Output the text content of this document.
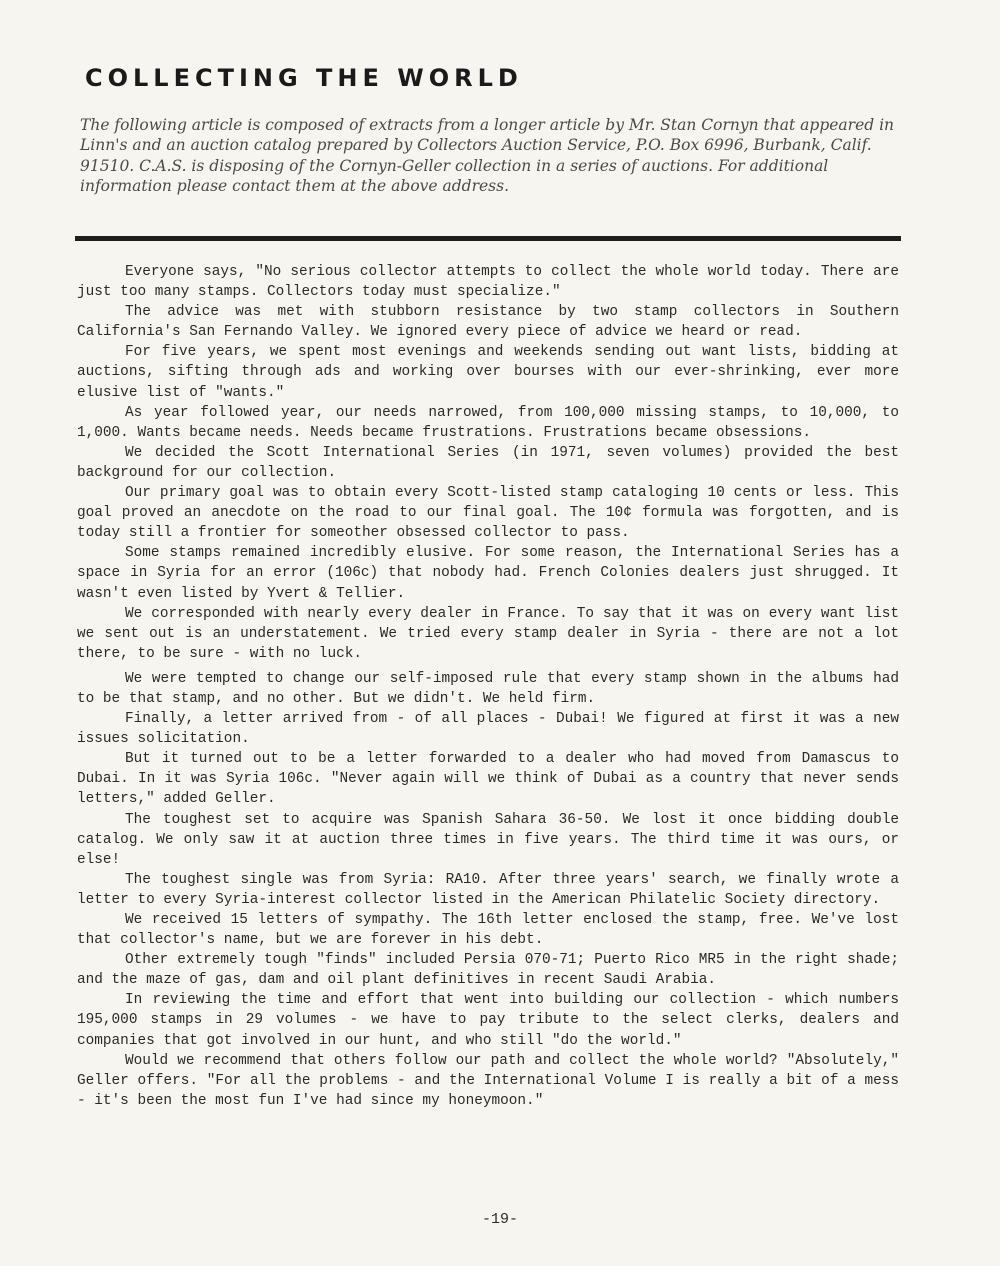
COLLECTING THE WORLD

The following article is composed of extracts from a longer article by Mr. Stan Cornyn that appeared in Linn's and an auction catalog prepared by Collectors Auction Service, P.O. Box 6996, Burbank, Calif. 91510. C.A.S. is disposing of the Cornyn-Geller collection in a series of auctions. For additional information please contact them at the above address.

Everyone says, "No serious collector attempts to collect the whole world today. There are just too many stamps. Collectors today must specialize."

The advice was met with stubborn resistance by two stamp collectors in Southern California's San Fernando Valley. We ignored every piece of advice we heard or read.

For five years, we spent most evenings and weekends sending out want lists, bidding at auctions, sifting through ads and working over bourses with our ever-shrinking, ever more elusive list of "wants."

As year followed year, our needs narrowed, from 100,000 missing stamps, to 10,000, to 1,000. Wants became needs. Needs became frustrations. Frustrations became obsessions.

We decided the Scott International Series (in 1971, seven volumes) provided the best background for our collection.

Our primary goal was to obtain every Scott-listed stamp cataloging 10 cents or less. This goal proved an anecdote on the road to our final goal. The 10¢ formula was forgotten, and is today still a frontier for someother obsessed collector to pass.

Some stamps remained incredibly elusive. For some reason, the International Series has a space in Syria for an error (106c) that nobody had. French Colonies dealers just shrugged. It wasn't even listed by Yvert & Tellier.

We corresponded with nearly every dealer in France. To say that it was on every want list we sent out is an understatement. We tried every stamp dealer in Syria - there are not a lot there, to be sure - with no luck.

We were tempted to change our self-imposed rule that every stamp shown in the albums had to be that stamp, and no other. But we didn't. We held firm.

Finally, a letter arrived from - of all places - Dubai! We figured at first it was a new issues solicitation.

But it turned out to be a letter forwarded to a dealer who had moved from Damascus to Dubai. In it was Syria 106c. "Never again will we think of Dubai as a country that never sends letters," added Geller.

The toughest set to acquire was Spanish Sahara 36-50. We lost it once bidding double catalog. We only saw it at auction three times in five years. The third time it was ours, or else!

The toughest single was from Syria: RA10. After three years' search, we finally wrote a letter to every Syria-interest collector listed in the American Philatelic Society directory.

We received 15 letters of sympathy. The 16th letter enclosed the stamp, free. We've lost that collector's name, but we are forever in his debt.

Other extremely tough "finds" included Persia 070-71; Puerto Rico MR5 in the right shade; and the maze of gas, dam and oil plant definitives in recent Saudi Arabia.

In reviewing the time and effort that went into building our collection - which numbers 195,000 stamps in 29 volumes - we have to pay tribute to the select clerks, dealers and companies that got involved in our hunt, and who still "do the world."

Would we recommend that others follow our path and collect the whole world? "Absolutely," Geller offers. "For all the problems - and the International Volume I is really a bit of a mess - it's been the most fun I've had since my honeymoon."

-19-
